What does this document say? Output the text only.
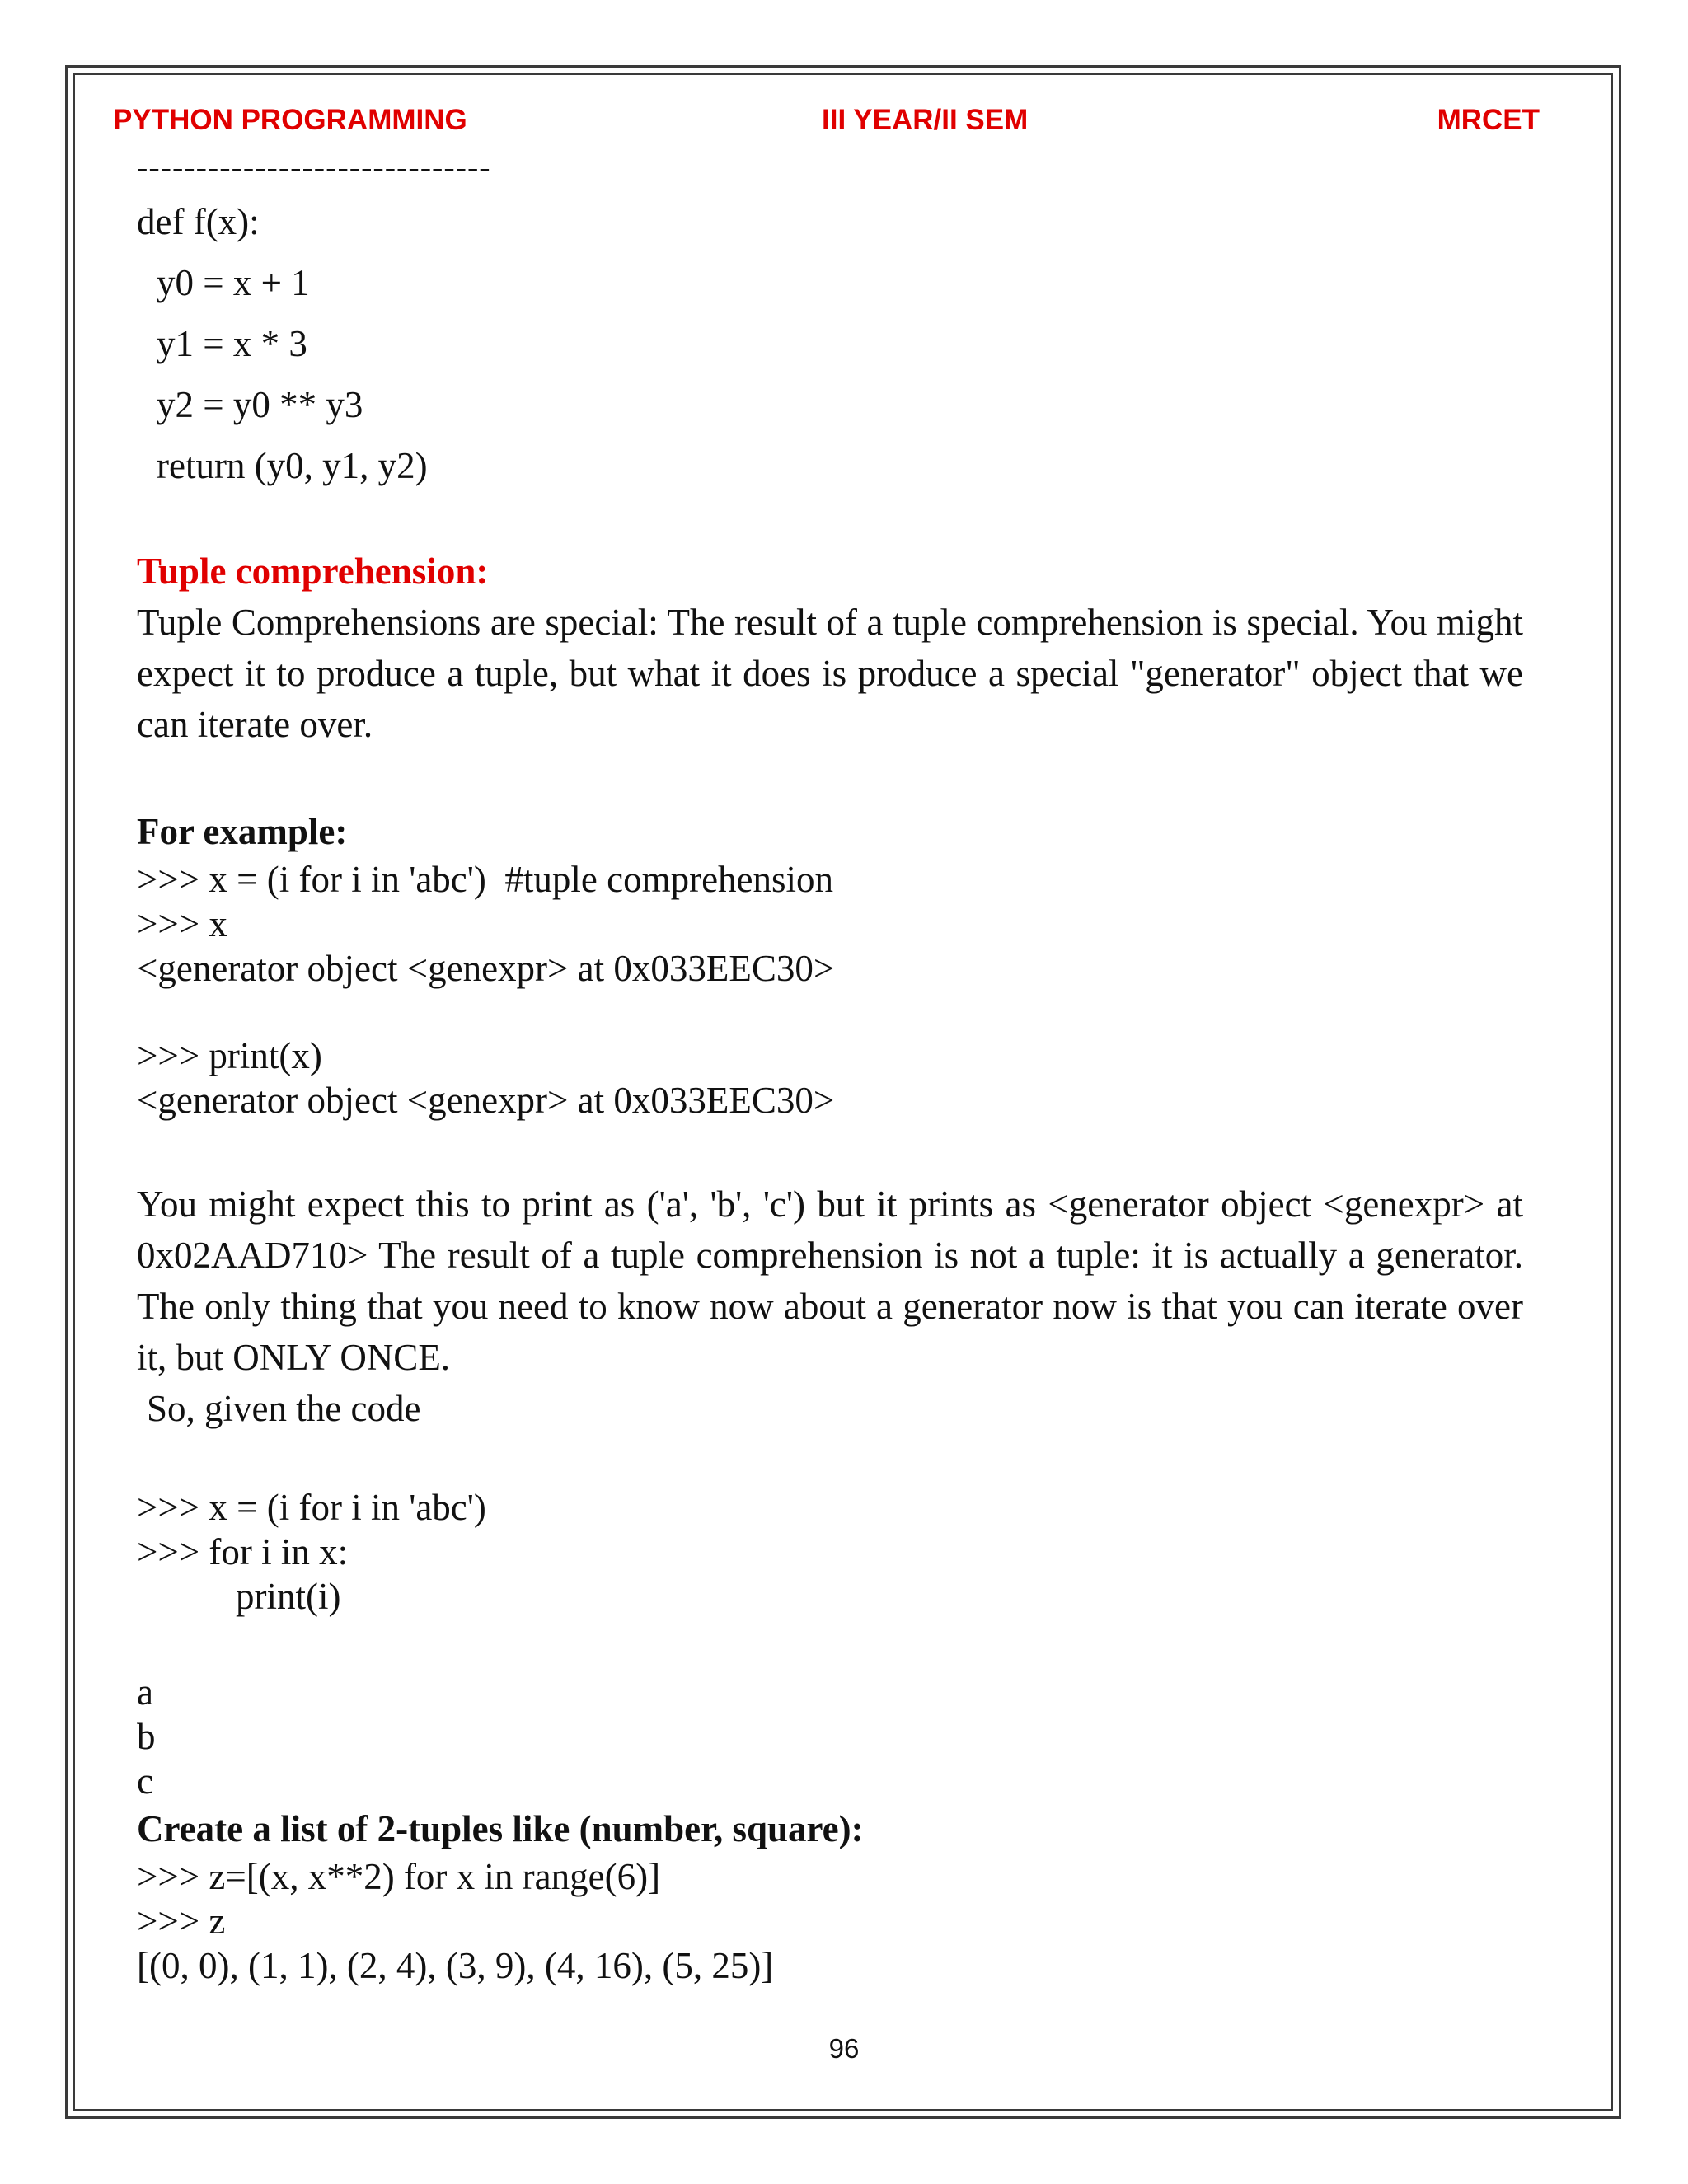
PYTHON PROGRAMMING	III YEAR/II SEM	MRCET
------------------------------
def f(x):
y0 = x + 1
y1 = x * 3
y2 = y0 ** y3
return (y0, y1, y2)
Tuple comprehension:
Tuple Comprehensions are special: The result of a tuple comprehension is special. You might expect it to produce a tuple, but what it does is produce a special "generator" object that we can iterate over.
For example:
>>> x = (i for i in 'abc')  #tuple comprehension
>>> x
<generator object <genexpr> at 0x033EEC30>
>>> print(x)
<generator object <genexpr> at 0x033EEC30>
You might expect this to print as ('a', 'b', 'c') but it prints as <generator object <genexpr> at 0x02AAD710> The result of a tuple comprehension is not a tuple: it is actually a generator. The only thing that you need to know now about a generator now is that you can iterate over it, but ONLY ONCE.
So, given the code
>>> x = (i for i in 'abc')
>>> for i in x:
print(i)
a
b
c
Create a list of 2-tuples like (number, square):
>>> z=[(x, x**2) for x in range(6)]
>>> z
[(0, 0), (1, 1), (2, 4), (3, 9), (4, 16), (5, 25)]
96
